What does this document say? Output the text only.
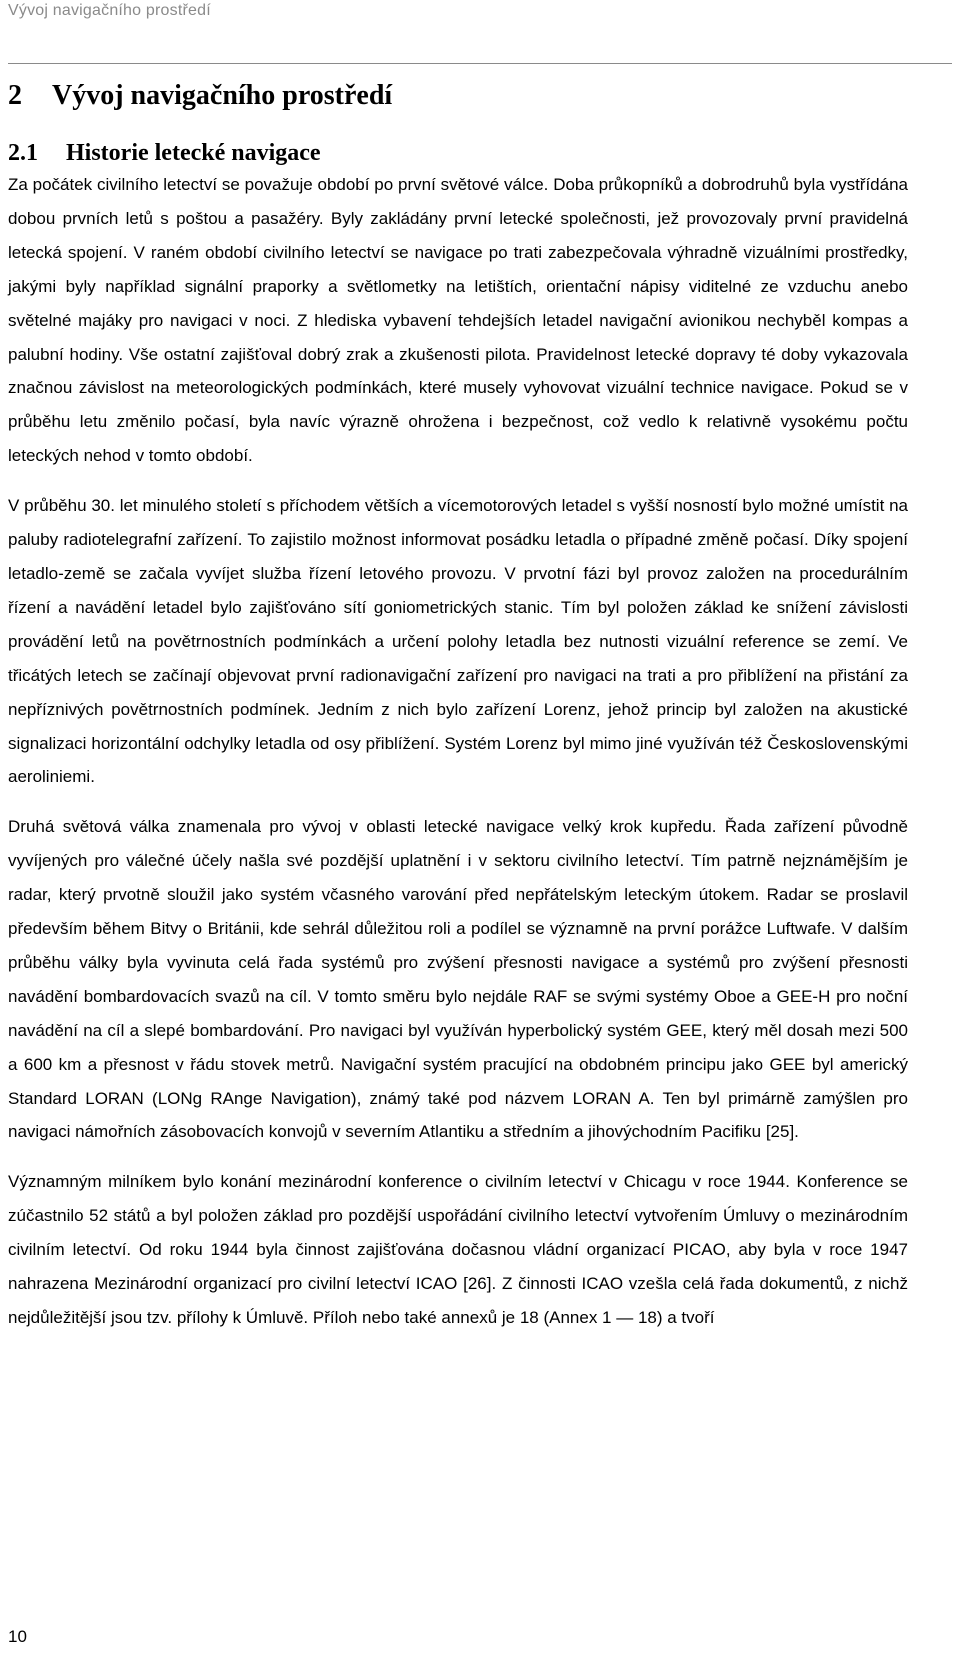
Vývoj navigačního prostředí
2 Vývoj navigačního prostředí
2.1 Historie letecké navigace

Za počátek civilního letectví se považuje období po první světové válce. Doba průkopníků a dobrodruhů byla vystřídána dobou prvních letů s poštou a pasažéry. Byly zakládány první letecké společnosti, jež provozovaly první pravidelná letecká spojení. V raném období civilního letectví se navigace po trati zabezpečovala výhradně vizuálními prostředky, jakými byly například signální praporky a světlometky na letištích, orientační nápisy viditelné ze vzduchu anebo světelné majáky pro navigaci v noci. Z hlediska vybavení tehdejších letadel navigační avionikou nechyběl kompas a palubní hodiny. Vše ostatní zajišťoval dobrý zrak a zkušenosti pilota. Pravidelnost letecké dopravy té doby vykazovala značnou závislost na meteorologických podmínkách, které musely vyhovovat vizuální technice navigace. Pokud se v průběhu letu změnilo počasí, byla navíc výrazně ohrožena i bezpečnost, což vedlo k relativně vysokému počtu leteckých nehod v tomto období.

V průběhu 30. let minulého století s příchodem větších a vícemotorových letadel s vyšší nosností bylo možné umístit na paluby radiotelegrafní zařízení. To zajistilo možnost informovat posádku letadla o případné změně počasí. Díky spojení letadlo-země se začala vyvíjet služba řízení letového provozu. V prvotní fázi byl provoz založen na procedurálním řízení a navádění letadel bylo zajišťováno sítí goniometrických stanic. Tím byl položen základ ke snížení závislosti provádění letů na povětrnostních podmínkách a určení polohy letadla bez nutnosti vizuální reference se zemí. Ve třicátých letech se začínají objevovat první radionavigační zařízení pro navigaci na trati a pro přiblížení na přistání za nepříznivých povětrnostních podmínek. Jedním z nich bylo zařízení Lorenz, jehož princip byl založen na akustické signalizaci horizontální odchylky letadla od osy přiblížení. Systém Lorenz byl mimo jiné využíván též Československými aeroliniemi.

Druhá světová válka znamenala pro vývoj v oblasti letecké navigace velký krok kupředu. Řada zařízení původně vyvíjených pro válečné účely našla své pozdější uplatnění i v sektoru civilního letectví. Tím patrně nejznámějším je radar, který prvotně sloužil jako systém včasného varování před nepřátelským leteckým útokem. Radar se proslavil především během Bitvy o Británii, kde sehrál důležitou roli a podílel se významně na první porážce Luftwafe. V dalším průběhu války byla vyvinuta celá řada systémů pro zvýšení přesnosti navigace a systémů pro zvýšení přesnosti navádění bombardovacích svazů na cíl. V tomto směru bylo nejdále RAF se svými systémy Oboe a GEE-H pro noční navádění na cíl a slepé bombardování. Pro navigaci byl využíván hyperbolický systém GEE, který měl dosah mezi 500 a 600 km a přesnost v řádu stovek metrů. Navigační systém pracující na obdobném principu jako GEE byl americký Standard LORAN (LONg RAnge Navigation), známý také pod názvem LORAN A. Ten byl primárně zamýšlen pro navigaci námořních zásobovacích konvojů v severním Atlantiku a středním a jihovýchodním Pacifiku [25].

Významným milníkem bylo konání mezinárodní konference o civilním letectví v Chicagu v roce 1944. Konference se zúčastnilo 52 států a byl položen základ pro pozdější uspořádání civilního letectví vytvořením Úmluvy o mezinárodním civilním letectví. Od roku 1944 byla činnost zajišťována dočasnou vládní organizací PICAO, aby byla v roce 1947 nahrazena Mezinárodní organizací pro civilní letectví ICAO [26]. Z činnosti ICAO vzešla celá řada dokumentů, z nichž nejdůležitější jsou tzv. přílohy k Úmluvě. Příloh nebo také annexů je 18 (Annex 1 — 18) a tvoří

10
